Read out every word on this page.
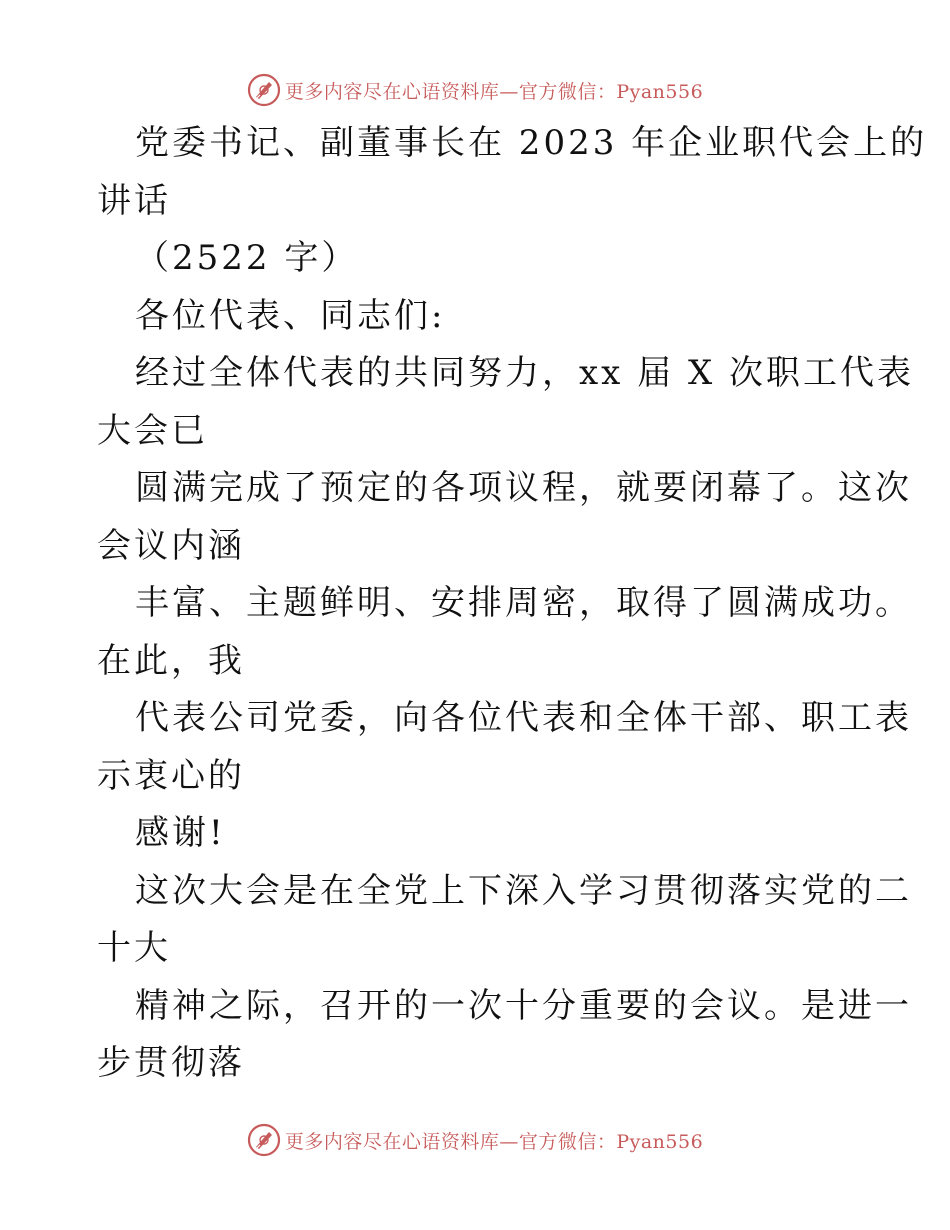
更多内容尽在心语资料库—官方微信：Pyan556

党委书记、副董事长在 2023 年企业职代会上的

讲话

（2522 字）

各位代表、同志们:

经过全体代表的共同努力，xx 届 X 次职工代表

大会已

圆满完成了预定的各项议程，就要闭幕了。这次

会议内涵

丰富、主题鲜明、安排周密，取得了圆满成功。

在此，我

代表公司党委，向各位代表和全体干部、职工表

示衷心的

感谢!

这次大会是在全党上下深入学习贯彻落实党的二

十大

精神之际，召开的一次十分重要的会议。是进一

步贯彻落

更多内容尽在心语资料库—官方微信：Pyan556
